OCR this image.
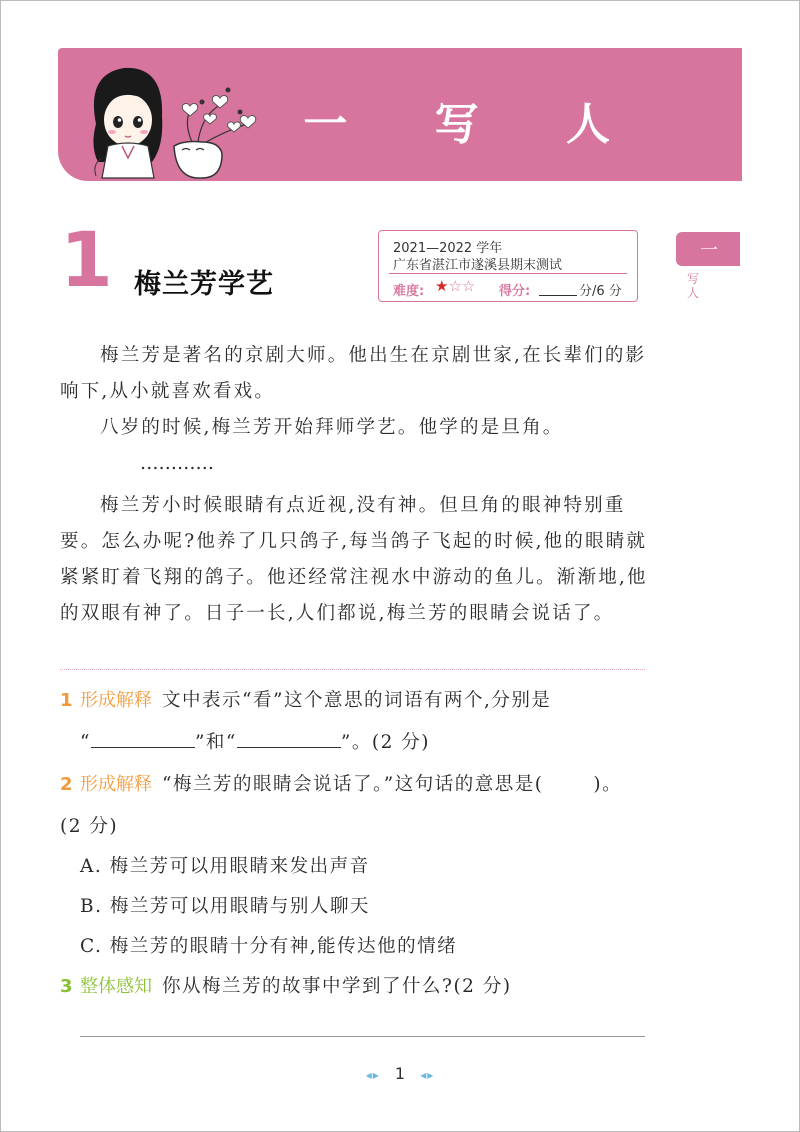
一 写 人
1 梅兰芳学艺
2021—2022 学年
广东省湛江市遂溪县期末测试
难度: ★☆☆ 得分:	分/6 分
一
写
人

梅兰芳是著名的京剧大师。他出生在京剧世家,在长辈们的影响下,从小就喜欢看戏。

八岁的时候,梅兰芳开始拜师学艺。他学的是旦角。

…………

梅兰芳小时候眼睛有点近视,没有神。但旦角的眼神特别重要。怎么办呢?他养了几只鸽子,每当鸽子飞起的时候,他的眼睛就紧紧盯着飞翔的鸽子。他还经常注视水中游动的鱼儿。渐渐地,他的双眼有神了。日子一长,人们都说,梅兰芳的眼睛会说话了。

1 形成解释 文中表示“看”这个意思的词语有两个,分别是
“	”和“	”。(2 分)
2 形成解释 “梅兰芳的眼睛会说话了。”这句话的意思是(	)。
(2 分)
A. 梅兰芳可以用眼睛来发出声音
B. 梅兰芳可以用眼睛与别人聊天
C. 梅兰芳的眼睛十分有神,能传达他的情绪
3 整体感知 你从梅兰芳的故事中学到了什么?(2 分)
◂▸ 1 ◂▸
